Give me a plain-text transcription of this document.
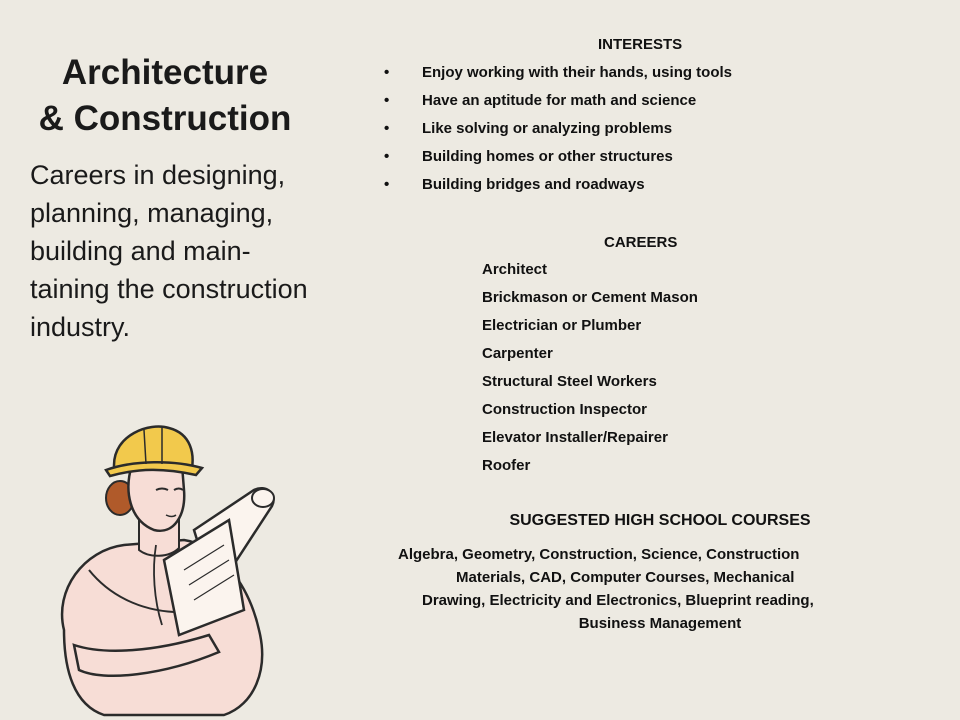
Architecture
& Construction
Careers in designing,
planning, managing,
building and main-
taining the construction
industry.
INTERESTS
• Enjoy working with their hands, using tools
• Have an aptitude for math and science
• Like solving or analyzing problems
• Building homes or other structures
• Building bridges and roadways
CAREERS
Architect
Brickmason or Cement Mason
Electrician or Plumber
Carpenter
Structural Steel Workers
Construction Inspector
Elevator Installer/Repairer
Roofer
SUGGESTED HIGH SCHOOL COURSES
Algebra, Geometry, Construction, Science, Construction
Materials, CAD, Computer Courses, Mechanical
Drawing, Electricity and Electronics, Blueprint reading,
Business Management
